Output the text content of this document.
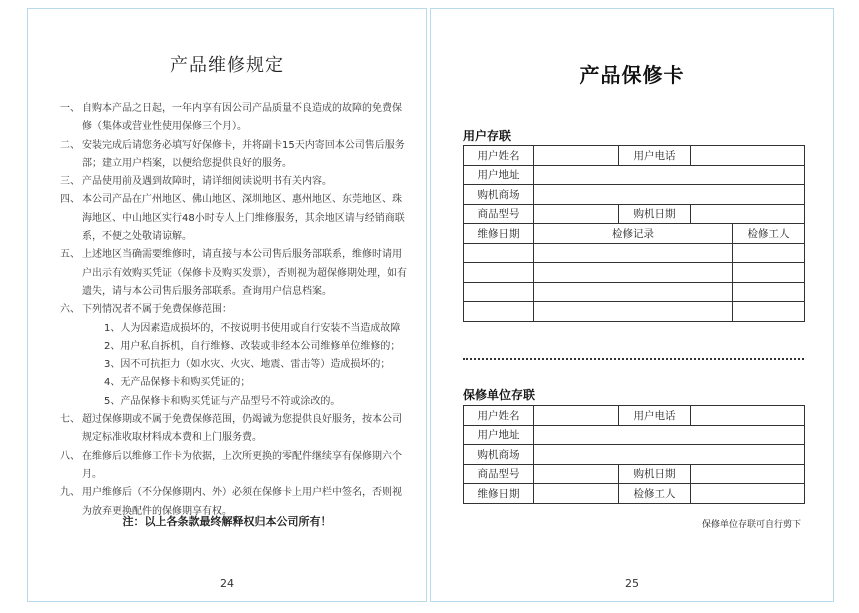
产品维修规定
一、 自购本产品之日起，一年内享有因公司产品质量不良造成的故障的免费保修（集体或营业性使用保修三个月）。
二、 安装完成后请您务必填写好保修卡，并将副卡15天内寄回本公司售后服务部；建立用户档案，以便给您提供良好的服务。
三、 产品使用前及遇到故障时，请详细阅读说明书有关内容。
四、 本公司产品在广州地区、佛山地区、深圳地区、惠州地区、东莞地区、珠海地区、中山地区实行48小时专人上门维修服务，其余地区请与经销商联系，不便之处敬请谅解。
五、 上述地区当确需要维修时，请直接与本公司售后服务部联系，维修时请用户出示有效购买凭证（保修卡及购买发票），否则视为超保修期处理，如有遗失，请与本公司售后服务部联系。查询用户信息档案。
六、 下列情况者不属于免费保修范围：
1、人为因素造成损坏的，不按说明书使用或自行安装不当造成故障
2、用户私自拆机，自行维修、改装或非经本公司维修单位维修的；
3、因不可抗拒力（如水灾、火灾、地震、雷击等）造成损坏的；
4、无产品保修卡和购买凭证的；
5、产品保修卡和购买凭证与产品型号不符或涂改的。
七、 超过保修期或不属于免费保修范围，仍竭诚为您提供良好服务，按本公司规定标准收取材料成本费和上门服务费。
八、 在维修后以维修工作卡为依据，上次所更换的零配件继续享有保修期六个月。
九、 用户维修后（不分保修期内、外）必须在保修卡上用户栏中签名，否则视为放弃更换配件的保修期享有权。
注：以上各条款最终解释权归本公司所有！
24
产品保修卡
用户存联
用户姓名		用户电话		
用户地址				
购机商场				
商品型号		购机日期		
维修日期	检修记录			检修工人

保修单位存联
用户姓名		用户电话	
用户地址			
购机商场			
商品型号		购机日期	
维修日期		检修工人	
保修单位存联可自行剪下
25
